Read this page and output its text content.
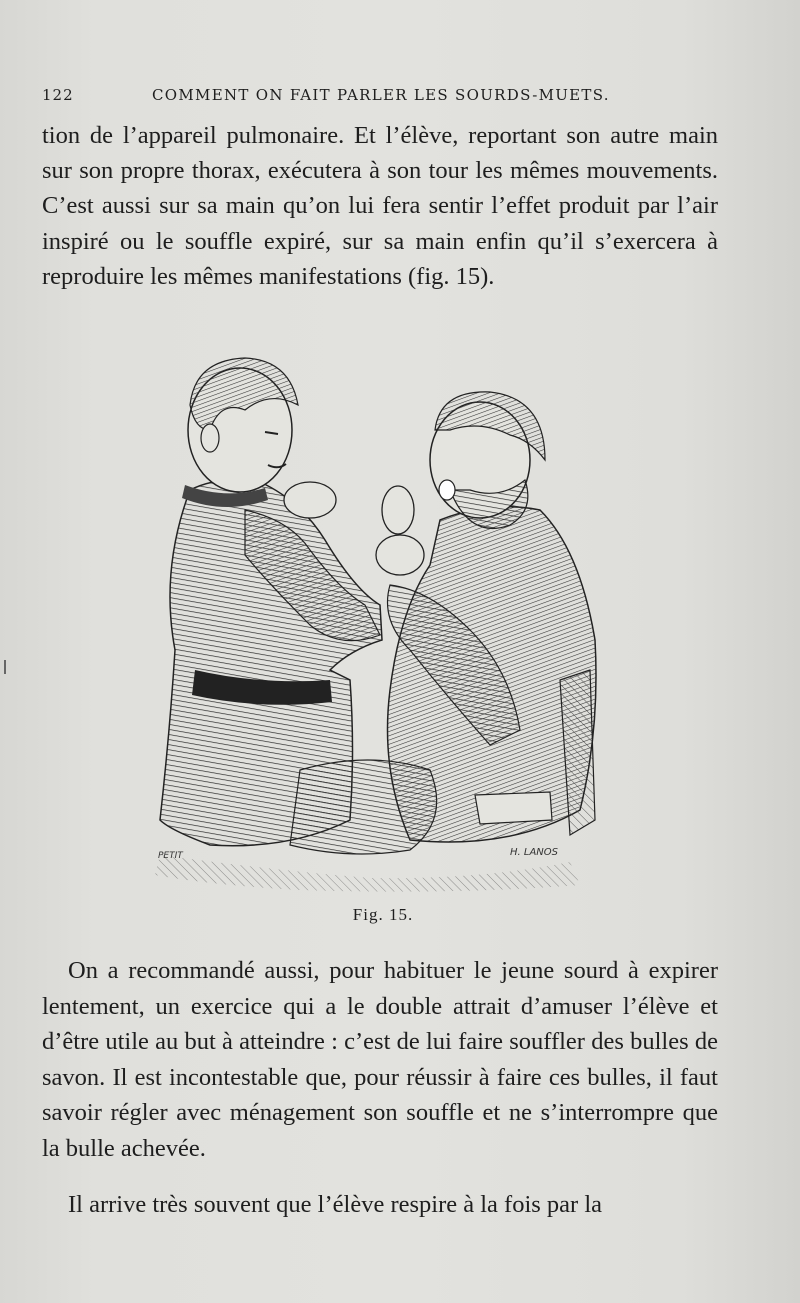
122	COMMENT ON FAIT PARLER LES SOURDS-MUETS.

tion de l’appareil pulmonaire. Et l’élève, reportant son autre main sur son propre thorax, exécutera à son tour les mêmes mouvements. C’est aussi sur sa main qu’on lui fera sentir l’effet produit par l’air inspiré ou le souffle expiré, sur sa main enfin qu’il s’exercera à reproduire les mêmes manifestations (fig. 15).

PETIT	H. LANOS
Fig. 15.

On a recommandé aussi, pour habituer le jeune sourd à expirer lentement, un exercice qui a le double attrait d’amuser l’élève et d’être utile au but à atteindre : c’est de lui faire souffler des bulles de savon. Il est incontestable que, pour réussir à faire ces bulles, il faut savoir régler avec ménagement son souffle et ne s’interrompre que la bulle achevée.

Il arrive très souvent que l’élève respire à la fois par la
